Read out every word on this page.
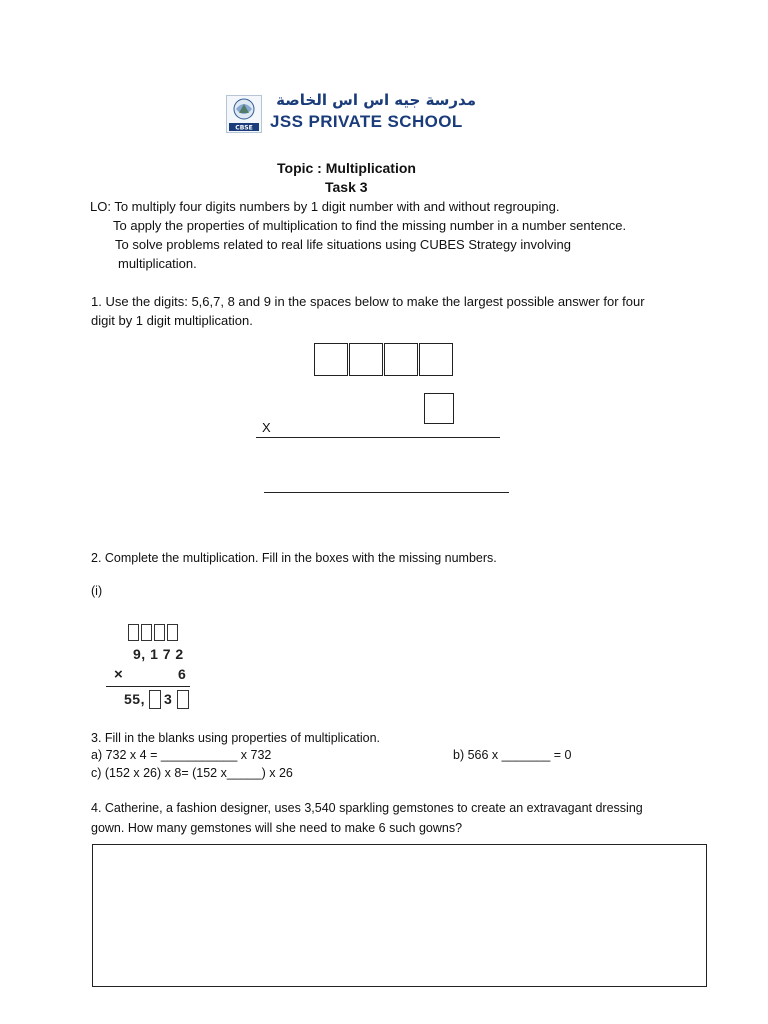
CBSE
مدرسة جيه اس اس الخاصة
JSS PRIVATE SCHOOL
Topic : Multiplication
Task 3
LO: To multiply four digits numbers by 1 digit number with and without regrouping.
To apply the properties of multiplication to find the missing number in a number sentence.
To solve problems related to real life situations using CUBES Strategy involving
multiplication.
1. Use the digits: 5,6,7, 8 and 9 in the spaces below to make the largest possible answer for four
digit by 1 digit multiplication.
X
2. Complete the multiplication. Fill in the boxes with the missing numbers.
(i)
9, 1 7 2
×	6
55, 3
3. Fill in the blanks using properties of multiplication.
a) 732 x 4 = ___________ x 732	b) 566 x _______ = 0
c) (152 x 26) x 8= (152 x_____) x 26
4. Catherine, a fashion designer, uses 3,540 sparkling gemstones to create an extravagant dressing
gown. How many gemstones will she need to make 6 such gowns?
